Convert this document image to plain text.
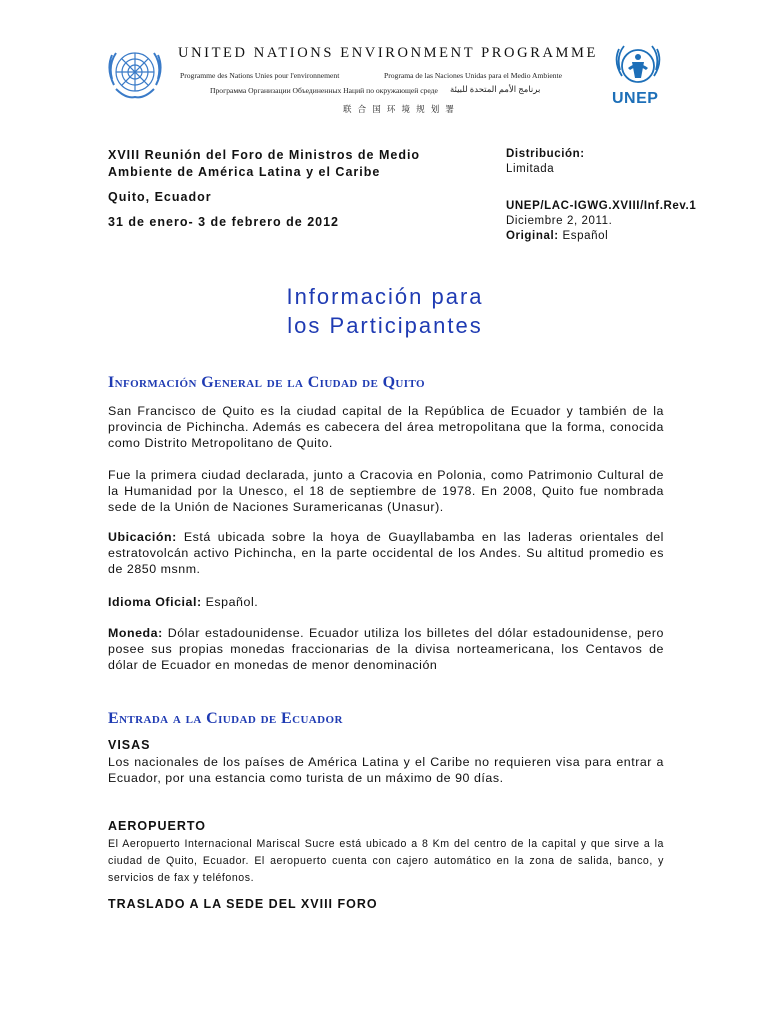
UNITED NATIONS ENVIRONMENT PROGRAMME
Programme des Nations Unies pour l'environnement	Programa de las Naciones Unidas para el Medio Ambiente
Программа Организации Объединенных Наций по окружающей среде برنامج الأمم المتحدة للبيئة
联 合 国 环 境 规 划 署
UNEP
XVIII Reunión del Foro de Ministros de Medio
Ambiente de América Latina y el Caribe
Quito, Ecuador
31 de enero- 3 de febrero de 2012
Distribución:
Limitada
UNEP/LAC-IGWG.XVIII/Inf.Rev.1
Diciembre 2, 2011.
Original: Español
Información para
los Participantes
Información General de la Ciudad de Quito
San Francisco de Quito es la ciudad capital de la República de Ecuador y también de la provincia de Pichincha. Además es cabecera del área metropolitana que la forma, conocida como Distrito Metropolitano de Quito.
Fue la primera ciudad declarada, junto a Cracovia en Polonia, como Patrimonio Cultural de la Humanidad por la Unesco, el 18 de septiembre de 1978. En 2008, Quito fue nombrada sede de la Unión de Naciones Suramericanas (Unasur).
Ubicación: Está ubicada sobre la hoya de Guayllabamba en las laderas orientales del estratovolcán activo Pichincha, en la parte occidental de los Andes. Su altitud promedio es de 2850 msnm.
Idioma Oficial: Español.
Moneda: Dólar estadounidense. Ecuador utiliza los billetes del dólar estadounidense, pero posee sus propias monedas fraccionarias de la divisa norteamericana, los Centavos de dólar de Ecuador en monedas de menor denominación
Entrada a la Ciudad de Ecuador
VISAS
Los nacionales de los países de América Latina y el Caribe no requieren visa para entrar a Ecuador, por una estancia como turista de un máximo de 90 días.
AEROPUERTO
El Aeropuerto Internacional Mariscal Sucre está ubicado a 8 Km del centro de la capital y que sirve a la ciudad de Quito, Ecuador. El aeropuerto cuenta con cajero automático en la zona de salida, banco, y servicios de fax y teléfonos.
TRASLADO A LA SEDE DEL XVIII FORO
